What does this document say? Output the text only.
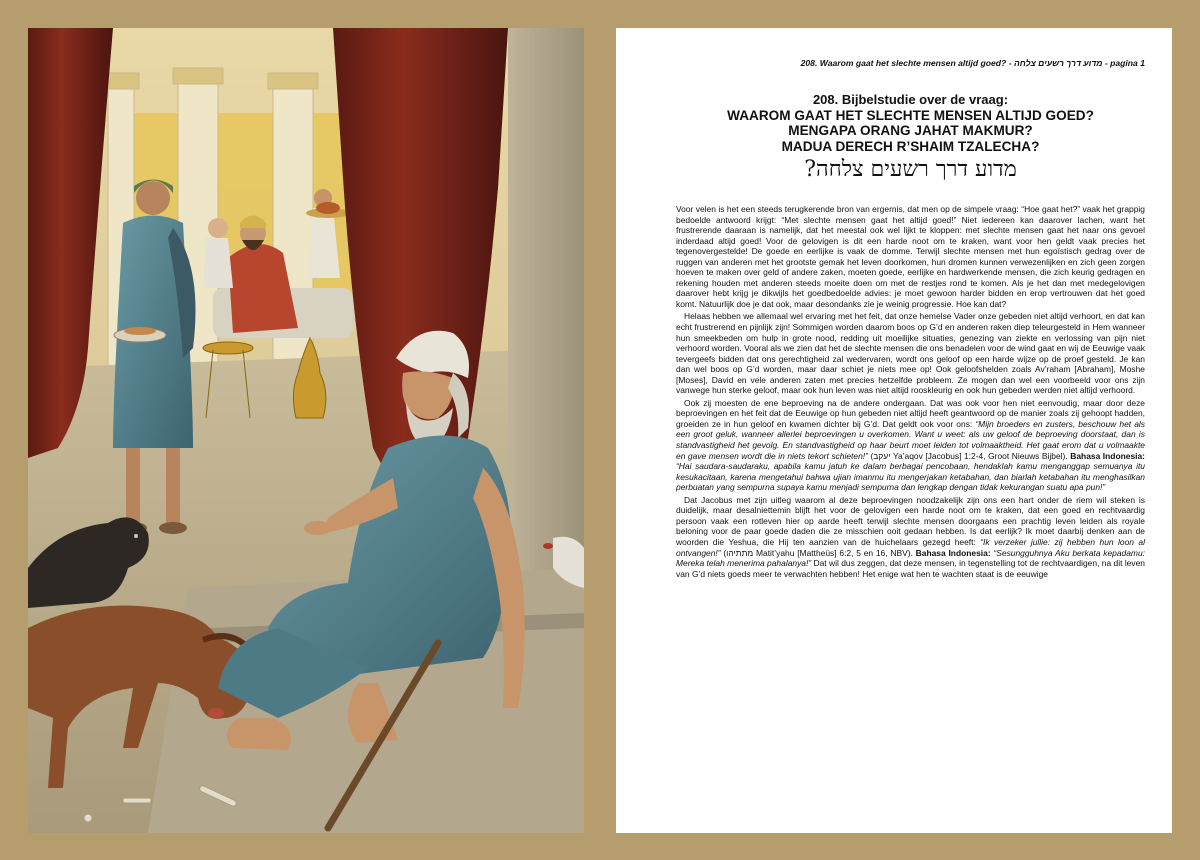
208. Waarom gaat het slechte mensen altijd goed? - מדוע דרך רשעים צלחה - pagina 1
208. Bijbelstudie over de vraag:
WAAROM GAAT HET SLECHTE MENSEN ALTIJD GOED?
MENGAPA ORANG JAHAT MAKMUR?
MADUA DERECH R’SHAIM TZALECHA?
מדוע דרך רשעים צלחה?

Voor velen is het een steeds terugkerende bron van ergernis, dat men op de simpele vraag: “Hoe gaat het?” vaak het grappig bedoelde antwoord krijgt: “Met slechte mensen gaat het altijd goed!” Niet iedereen kan daarover lachen, want het frustrerende daaraan is namelijk, dat het meestal ook wel lijkt te kloppen: met slechte mensen gaat het naar ons gevoel inderdaad altijd goed! Voor de gelovigen is dit een harde noot om te kraken, want voor hen geldt vaak precies het tegenovergestelde! De goede en eerlijke is vaak de domme. Terwijl slechte mensen met hun egoïstisch gedrag over de ruggen van anderen met het grootste gemak het leven doorkomen, hun dromen kunnen verwezenlijken en zich geen zorgen hoeven te maken over geld of andere zaken, moeten goede, eerlijke en hardwerkende mensen, die zich keurig gedragen en rekening houden met anderen steeds moeite doen om met de restjes rond te komen. Als je het dan met medegelovigen daarover hebt krijg je dikwijls het goedbedoelde advies: je moet gewoon harder bidden en erop vertrouwen dat het goed komt. Natuurlijk doe je dat ook, maar desondanks zie je weinig progressie. Hoe kan dat?

Helaas hebben we allemaal wel ervaring met het feit, dat onze hemelse Vader onze gebeden niet altijd verhoort, en dat kan echt frustrerend en pijnlijk zijn! Sommigen worden daarom boos op G’d en anderen raken diep teleurgesteld in Hem wanneer hun smeekbeden om hulp in grote nood, redding uit moeilijke situaties, genezing van ziekte en verlossing van pijn niet verhoord worden. Vooral als we zien dat het de slechte mensen die ons benadelen voor de wind gaat en wij de Eeuwige vaak tevergeefs bidden dat ons gerechtigheid zal wedervaren, wordt ons geloof op een harde wijze op de proef gesteld. Je kan dan wel boos op G’d worden, maar daar schiet je niets mee op! Ook geloofshelden zoals Av’raham [Abraham], Moshe [Moses], David en vele anderen zaten met precies hetzelfde probleem. Ze mogen dan wel een voorbeeld voor ons zijn vanwege hun sterke geloof, maar ook hun leven was niet altijd rooskleurig en ook hun gebeden werden niet altijd verhoord.

Ook zij moesten de ene beproeving na de andere ondergaan. Dat was ook voor hen niet eenvoudig, maar door deze beproevingen en het feit dat de Eeuwige op hun gebeden niet altijd heeft geantwoord op de manier zoals zij gehoopt hadden, groeiden ze in hun geloof en kwamen dichter bij G’d. Dat geldt ook voor ons: “Mijn broeders en zusters, beschouw het als een groot geluk, wanneer allerlei beproevingen u overkomen. Want u weet: als uw geloof de beproeving doorstaat, dan is standvastigheid het gevolg. En standvastigheid op haar beurt moet leiden tot volmaaktheid. Het gaat erom dat u volmaakte en gave mensen wordt die in niets tekort schieten!” (יעקב Ya’aqov [Jacobus] 1:2-4, Groot Nieuws Bijbel). Bahasa Indonesia: “Hai saudara-saudaraku, apabila kamu jatuh ke dalam berbagai pencobaan, hendaklah kamu menganggap semuanya itu kesukacitaan, karena mengetahui bahwa ujian imanmu itu mengerjakan ketabahan, dan biarlah ketabahan itu menghasilkan perbuatan yang sempurna supaya kamu menjadi sempurna dan lengkap dengan tidak kekurangan suatu apa pun!”

Dat Jacobus met zijn uitleg waarom al deze beproevingen noodzakelijk zijn ons een hart onder de riem wil steken is duidelijk, maar desalniettemin blijft het voor de gelovigen een harde noot om te kraken, dat een goed en rechtvaardig persoon vaak een rotleven hier op aarde heeft terwijl slechte mensen doorgaans een prachtig leven leiden als royale beloning voor de paar goede daden die ze misschien ooit gedaan hebben. Is dat eerlijk? Ik moet daarbij denken aan de woorden die Yeshua, die Hij ten aanzien van de huichelaars gezegd heeft: “Ik verzeker jullie: zij hebben hun loon al ontvangen!” (מתתיהו Matit’yahu [Mattheüs] 6:2, 5 en 16, NBV). Bahasa Indonesia: “Sesungguhnya Aku berkata kepadamu: Mereka telah menerima pahalanya!” Dat wil dus zeggen, dat deze mensen, in tegenstelling tot de rechtvaardigen, na dit leven van G’d niets goeds meer te verwachten hebben! Het enige wat hen te wachten staat is de eeuwige
